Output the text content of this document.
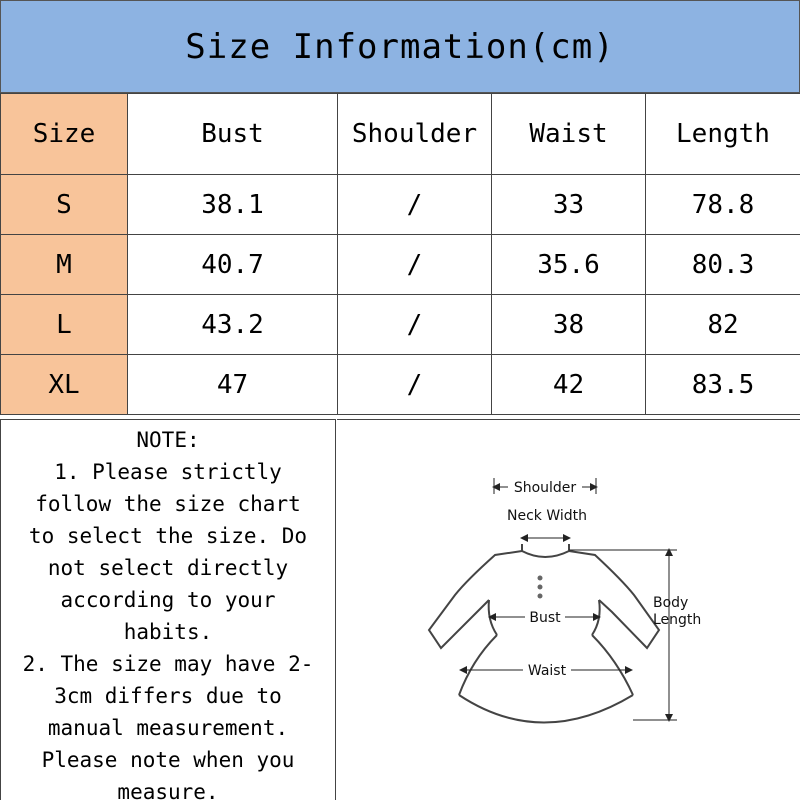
Size Information(cm)
Size	Bust	Shoulder	Waist	Length
S	38.1	/	33	78.8
M	40.7	/	35.6	80.3
L	43.2	/	38	82
XL	47	/	42	83.5
NOTE:
1. Please strictly
follow the size chart
to select the size. Do
not select directly
according to your
habits.
2. The size may have 2-
3cm differs due to
manual measurement.
Please note when you
measure.
Shoulder
Neck Width
Bust
Waist
Body
Length
